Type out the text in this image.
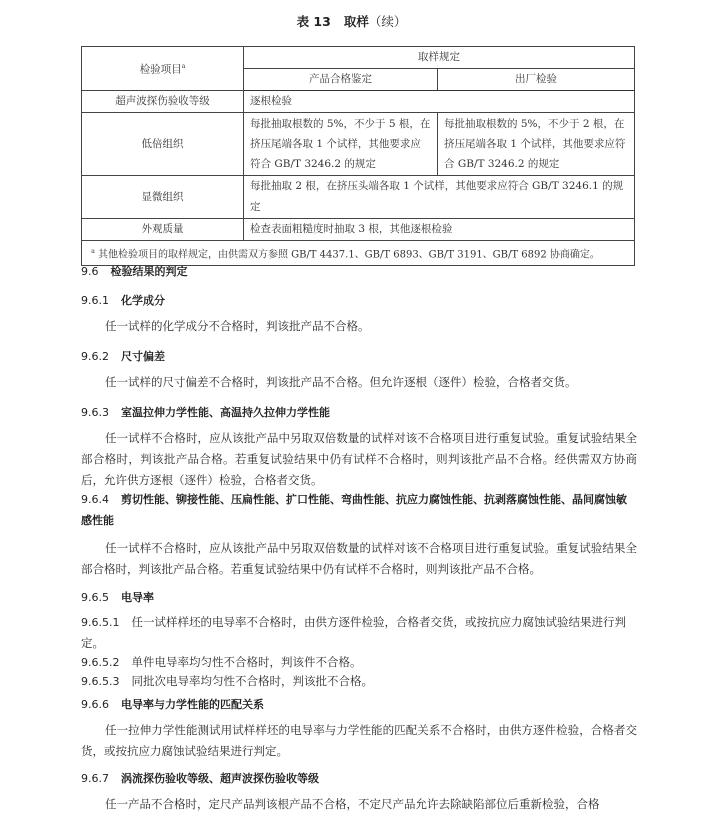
表 13 取样（续）
检验项目$^a$	取样规定	
	产品合格鉴定	出厂检验
超声波探伤验收等级	逐根检验	
低倍组织	每批抽取根数的 5%，不少于 5 根，在挤压尾端各取 1 个试样，其他要求应符合 GB/T 3246.2 的规定	每批抽取根数的 5%，不少于 2 根，在挤压尾端各取 1 个试样，其他要求应符合 GB/T 3246.2 的规定
显微组织	每批抽取 2 根，在挤压头端各取 1 个试样，其他要求应符合 GB/T 3246.1 的规定	
外观质量	检查表面粗糙度时抽取 3 根，其他逐根检验	
$^a$ 其他检验项目的取样规定，由供需双方参照 GB/T 4437.1、GB/T 6893、GB/T 3191、GB/T 6892 协商确定。		
9.6 检验结果的判定
9.6.1 化学成分
任一试样的化学成分不合格时，判该批产品不合格。
9.6.2 尺寸偏差
任一试样的尺寸偏差不合格时，判该批产品不合格。但允许逐根（逐件）检验，合格者交货。
9.6.3 室温拉伸力学性能、高温持久拉伸力学性能
任一试样不合格时，应从该批产品中另取双倍数量的试样对该不合格项目进行重复试验。重复试验结果全部合格时，判该批产品合格。若重复试验结果中仍有试样不合格时，则判该批产品不合格。经供需双方协商后，允许供方逐根（逐件）检验，合格者交货。
9.6.4 剪切性能、铆接性能、压扁性能、扩口性能、弯曲性能、抗应力腐蚀性能、抗剥落腐蚀性能、晶间腐蚀敏感性能
任一试样不合格时，应从该批产品中另取双倍数量的试样对该不合格项目进行重复试验。重复试验结果全部合格时，判该批产品合格。若重复试验结果中仍有试样不合格时，则判该批产品不合格。
9.6.5 电导率
9.6.5.1 任一试样样坯的电导率不合格时，由供方逐件检验，合格者交货，或按抗应力腐蚀试验结果进行判定。
9.6.5.2 单件电导率均匀性不合格时，判该件不合格。
9.6.5.3 同批次电导率均匀性不合格时，判该批不合格。
9.6.6 电导率与力学性能的匹配关系
任一拉伸力学性能测试用试样样坯的电导率与力学性能的匹配关系不合格时，由供方逐件检验，合格者交货，或按抗应力腐蚀试验结果进行判定。
9.6.7 涡流探伤验收等级、超声波探伤验收等级
任一产品不合格时，定尺产品判该根产品不合格，不定尺产品允许去除缺陷部位后重新检验，合格
